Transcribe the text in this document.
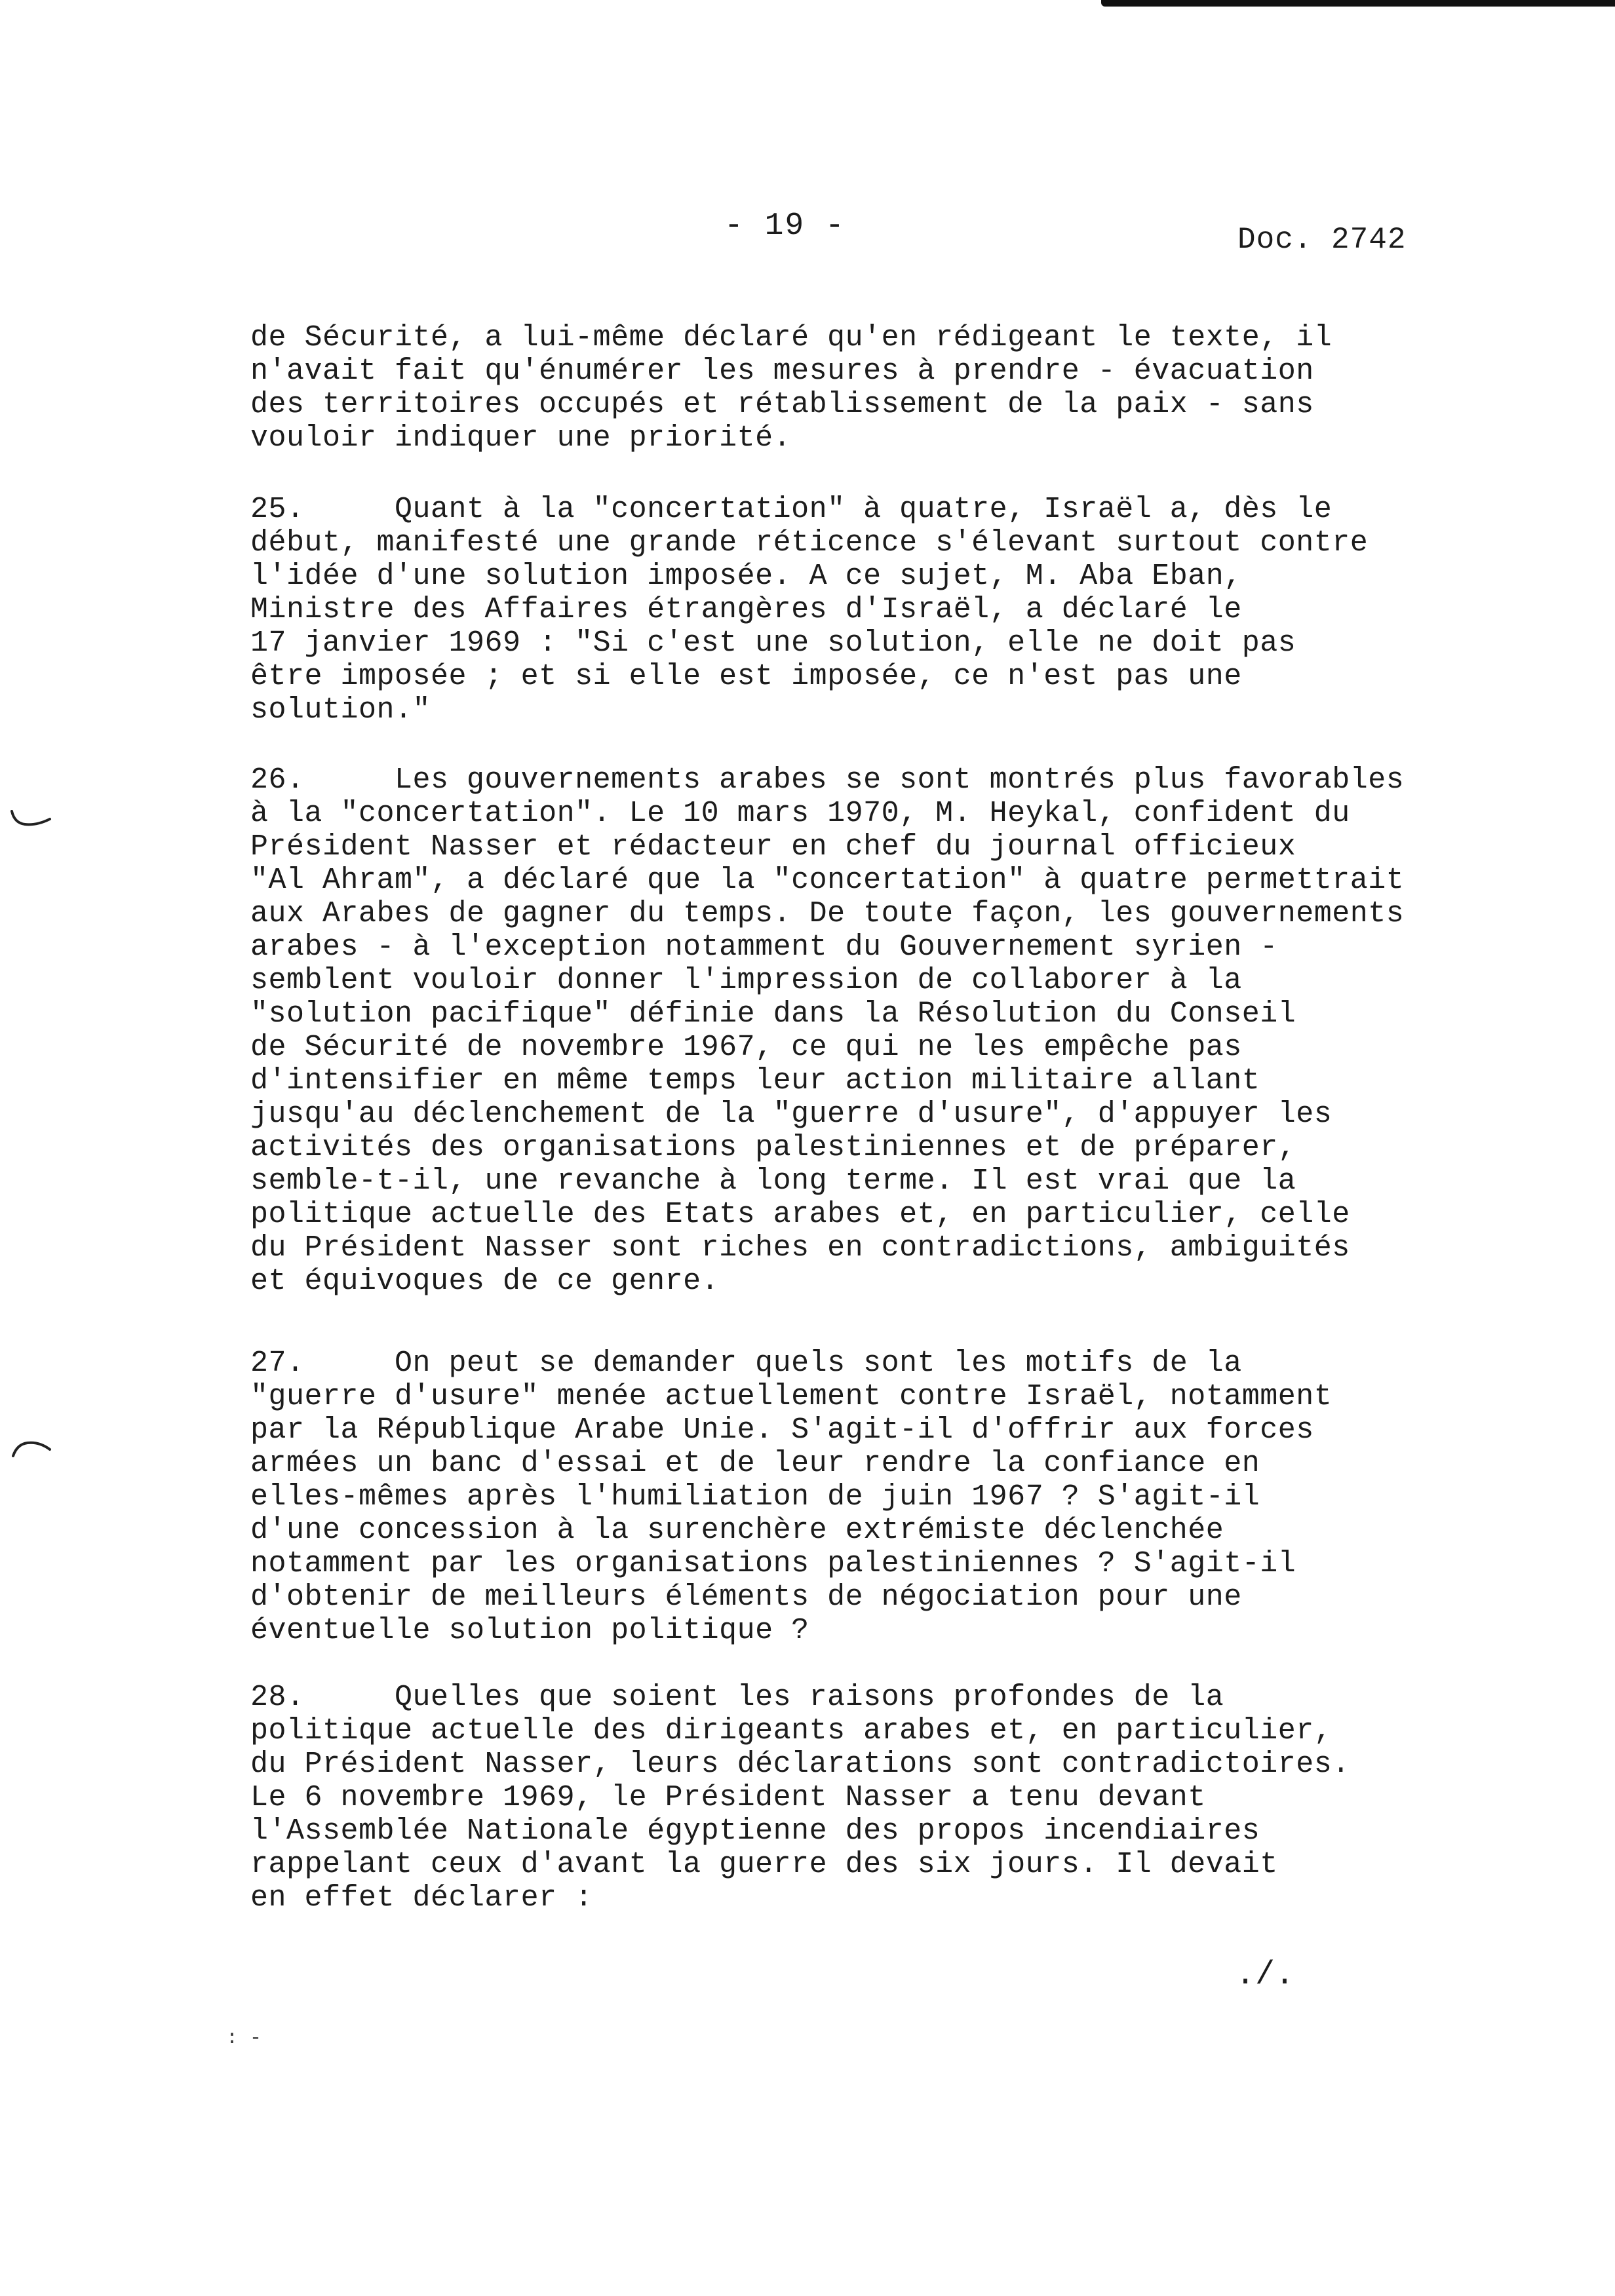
- 19 -	Doc. 2742

de Sécurité, a lui-même déclaré qu'en rédigeant le texte, il
n'avait fait qu'énumérer les mesures à prendre - évacuation
des territoires occupés et rétablissement de la paix - sans
vouloir indiquer une priorité.

25.     Quant à la "concertation" à quatre, Israël a, dès le
début, manifesté une grande réticence s'élevant surtout contre
l'idée d'une solution imposée. A ce sujet, M. Aba Eban,
Ministre des Affaires étrangères d'Israël, a déclaré le
17 janvier 1969 : "Si c'est une solution, elle ne doit pas
être imposée ; et si elle est imposée, ce n'est pas une
solution."

26.     Les gouvernements arabes se sont montrés plus favorables
à la "concertation". Le 10 mars 1970, M. Heykal, confident du
Président Nasser et rédacteur en chef du journal officieux
"Al Ahram", a déclaré que la "concertation" à quatre permettrait
aux Arabes de gagner du temps. De toute façon, les gouvernements
arabes - à l'exception notamment du Gouvernement syrien -
semblent vouloir donner l'impression de collaborer à la
"solution pacifique" définie dans la Résolution du Conseil
de Sécurité de novembre 1967, ce qui ne les empêche pas
d'intensifier en même temps leur action militaire allant
jusqu'au déclenchement de la "guerre d'usure", d'appuyer les
activités des organisations palestiniennes et de préparer,
semble-t-il, une revanche à long terme. Il est vrai que la
politique actuelle des Etats arabes et, en particulier, celle
du Président Nasser sont riches en contradictions, ambiguités
et équivoques de ce genre.

27.     On peut se demander quels sont les motifs de la
"guerre d'usure" menée actuellement contre Israël, notamment
par la République Arabe Unie. S'agit-il d'offrir aux forces
armées un banc d'essai et de leur rendre la confiance en
elles-mêmes après l'humiliation de juin 1967 ? S'agit-il
d'une concession à la surenchère extrémiste déclenchée
notamment par les organisations palestiniennes ? S'agit-il
d'obtenir de meilleurs éléments de négociation pour une
éventuelle solution politique ?

28.     Quelles que soient les raisons profondes de la
politique actuelle des dirigeants arabes et, en particulier,
du Président Nasser, leurs déclarations sont contradictoires.
Le 6 novembre 1969, le Président Nasser a tenu devant
l'Assemblée Nationale égyptienne des propos incendiaires
rappelant ceux d'avant la guerre des six jours. Il devait
en effet déclarer :

./.
: -
